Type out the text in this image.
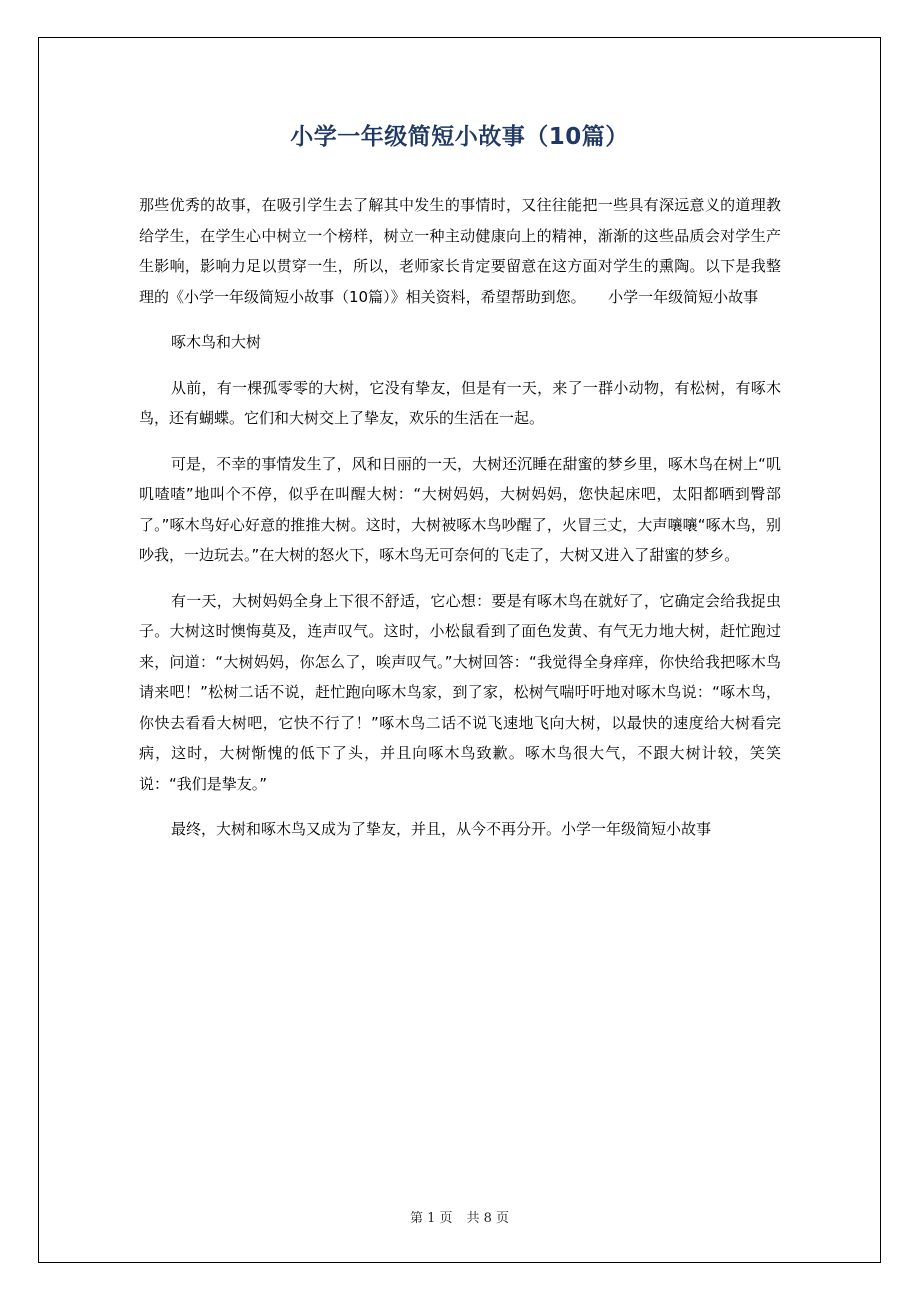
小学一年级简短小故事（10篇）

那些优秀的故事，在吸引学生去了解其中发生的事情时，又往往能把一些具有深远意义的道理教给学生，在学生心中树立一个榜样，树立一种主动健康向上的精神，渐渐的这些品质会对学生产生影响，影响力足以贯穿一生，所以，老师家长肯定要留意在这方面对学生的熏陶。以下是我整理的《小学一年级简短小故事（10篇）》相关资料，希望帮助到您。　　小学一年级简短小故事

啄木鸟和大树

从前，有一棵孤零零的大树，它没有挚友，但是有一天，来了一群小动物，有松树，有啄木鸟，还有蝴蝶。它们和大树交上了挚友，欢乐的生活在一起。

可是，不幸的事情发生了，风和日丽的一天，大树还沉睡在甜蜜的梦乡里，啄木鸟在树上“叽叽喳喳”地叫个不停，似乎在叫醒大树：“大树妈妈，大树妈妈，您快起床吧，太阳都晒到臀部了。”啄木鸟好心好意的推推大树。这时，大树被啄木鸟吵醒了，火冒三丈，大声嚷嚷“啄木鸟，别吵我，一边玩去。”在大树的怒火下，啄木鸟无可奈何的飞走了，大树又进入了甜蜜的梦乡。

有一天，大树妈妈全身上下很不舒适，它心想：要是有啄木鸟在就好了，它确定会给我捉虫子。大树这时懊悔莫及，连声叹气。这时，小松鼠看到了面色发黄、有气无力地大树，赶忙跑过来，问道：“大树妈妈，你怎么了，唉声叹气。”大树回答：“我觉得全身痒痒，你快给我把啄木鸟请来吧！”松树二话不说，赶忙跑向啄木鸟家，到了家，松树气喘吁吁地对啄木鸟说：“啄木鸟，你快去看看大树吧，它快不行了！”啄木鸟二话不说飞速地飞向大树，以最快的速度给大树看完病，这时，大树惭愧的低下了头，并且向啄木鸟致歉。啄木鸟很大气，不跟大树计较，笑笑说：“我们是挚友。”

最终，大树和啄木鸟又成为了挚友，并且，从今不再分开。小学一年级简短小故事

第 1 页 共 8 页
